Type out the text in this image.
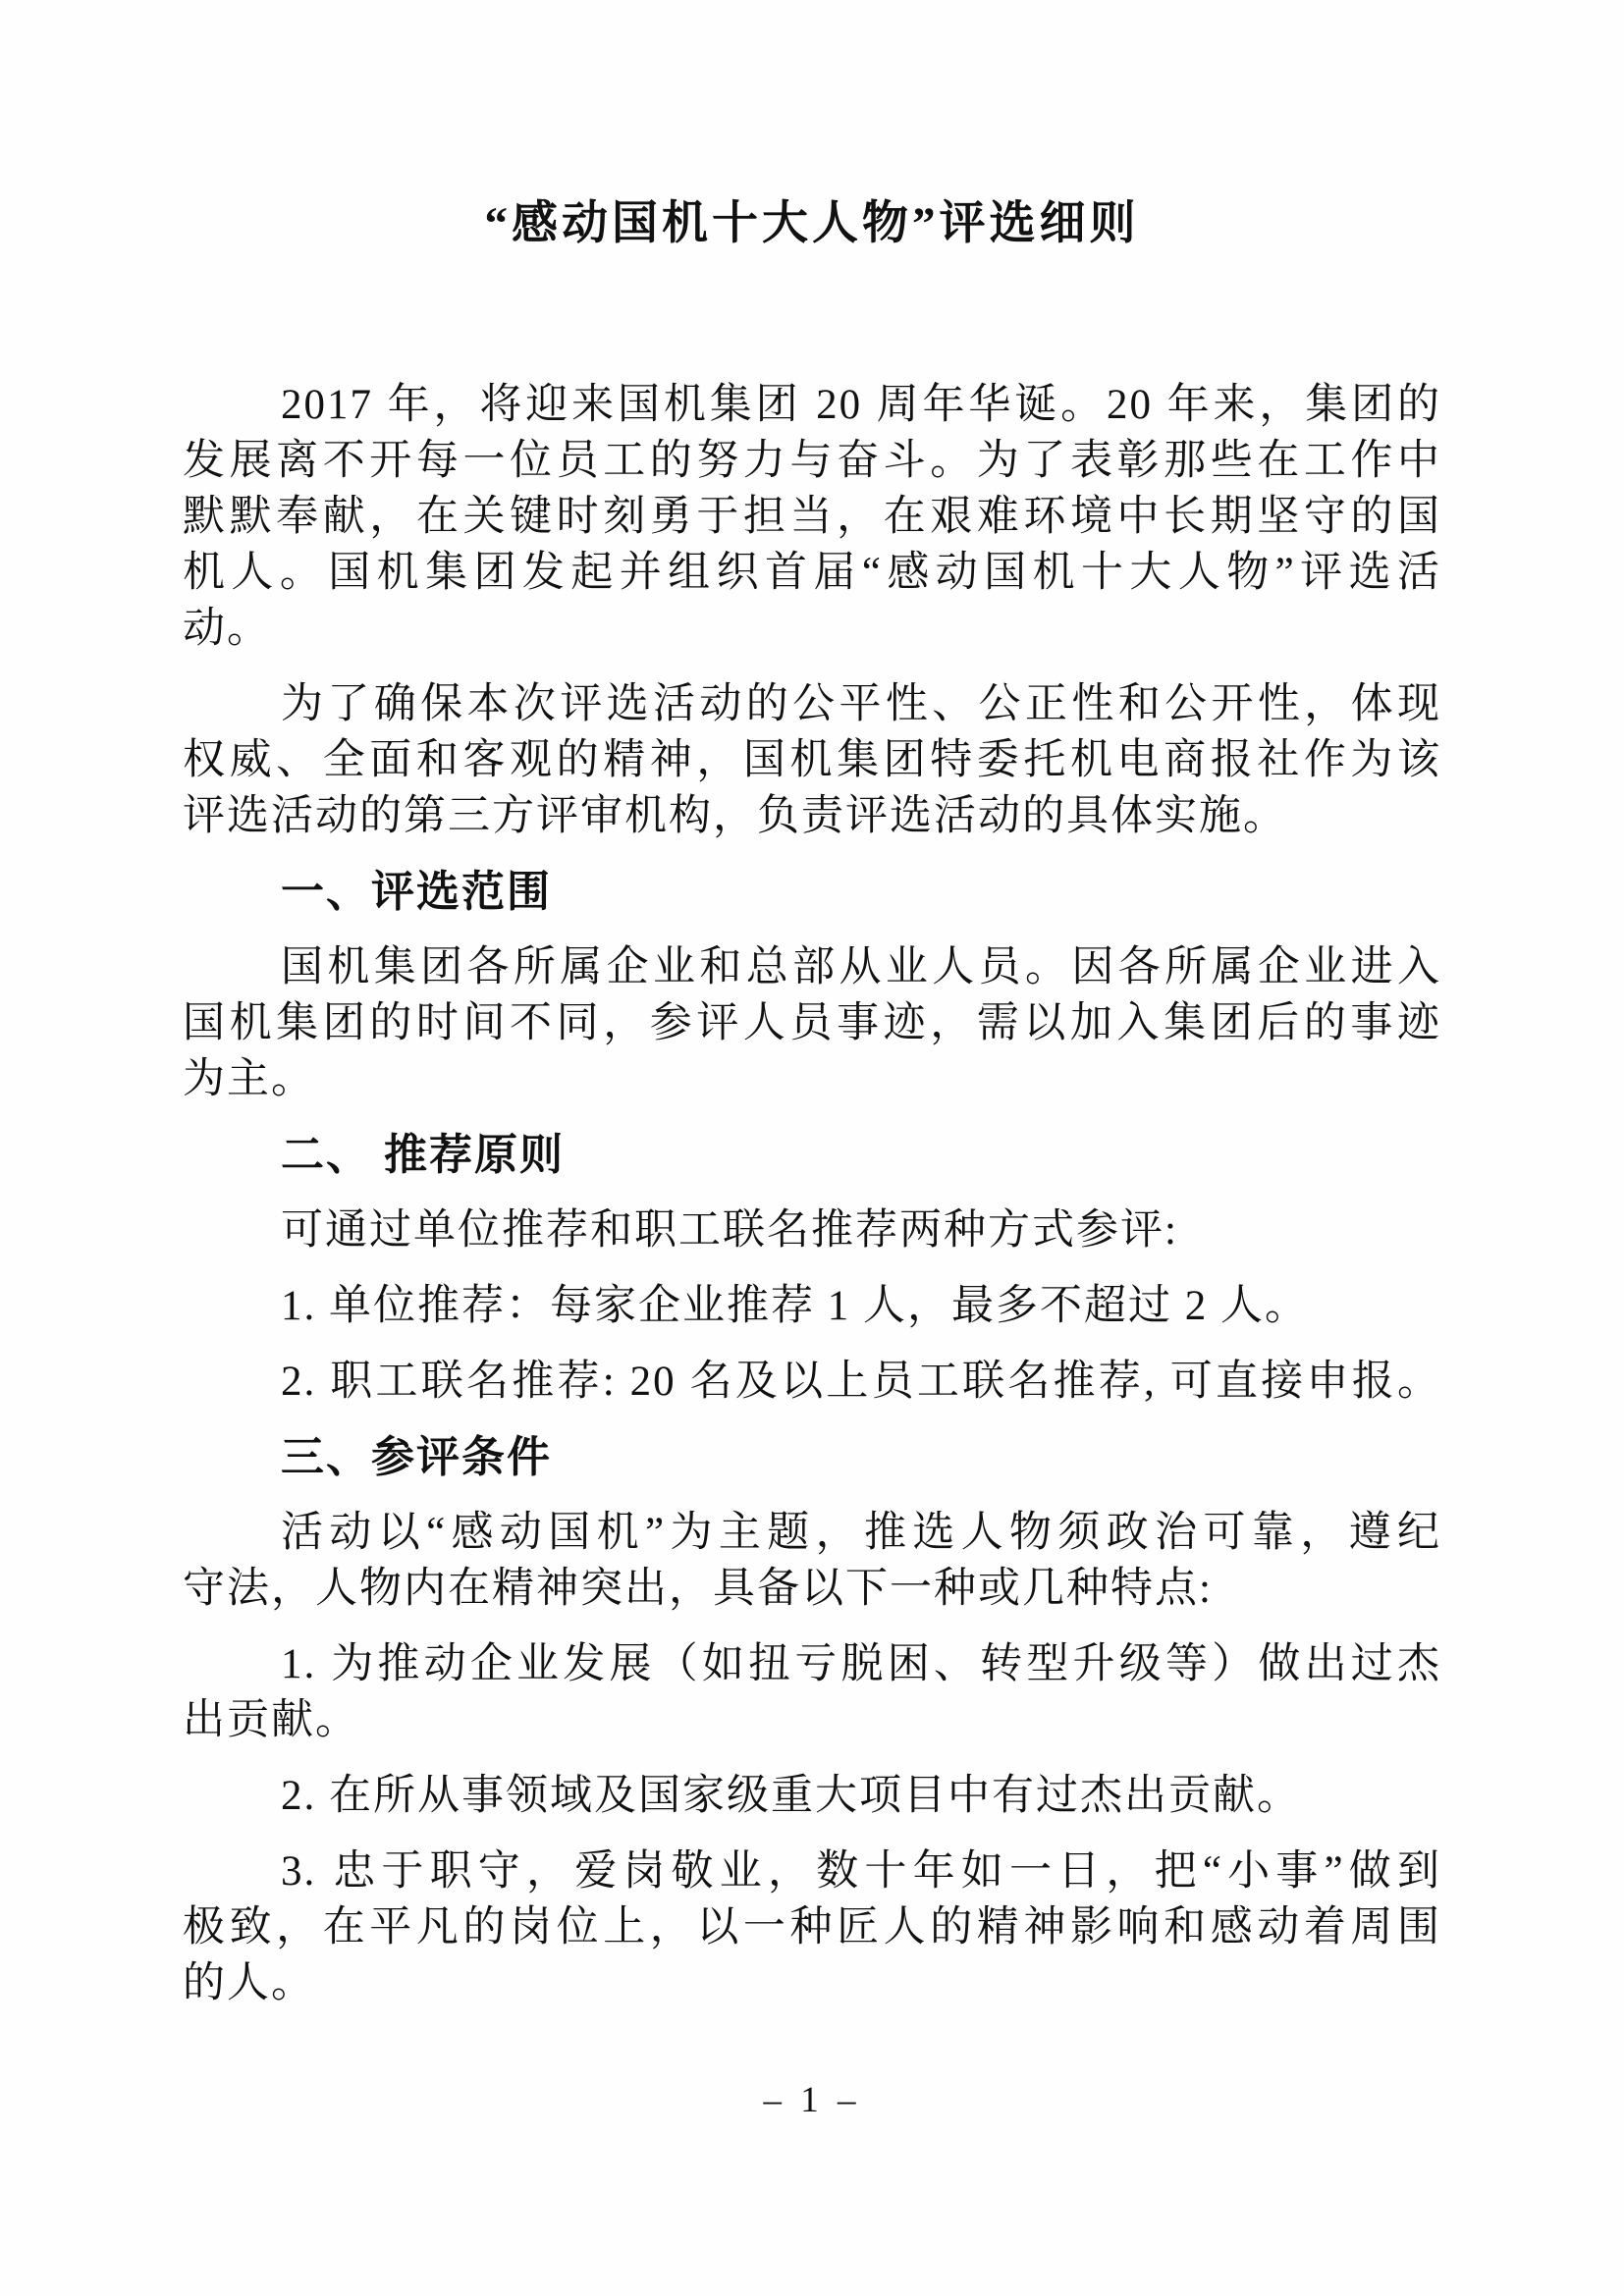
“感动国机十大人物”评选细则
2017 年，将迎来国机集团 20 周年华诞。20 年来，集团的
发展离不开每一位员工的努力与奋斗。为了表彰那些在工作中
默默奉献，在关键时刻勇于担当，在艰难环境中长期坚守的国
机人。国机集团发起并组织首届“感动国机十大人物”评选活
动。
为了确保本次评选活动的公平性、公正性和公开性，体现
权威、全面和客观的精神，国机集团特委托机电商报社作为该
评选活动的第三方评审机构，负责评选活动的具体实施。
一、评选范围
国机集团各所属企业和总部从业人员。因各所属企业进入
国机集团的时间不同，参评人员事迹，需以加入集团后的事迹
为主。
二、 推荐原则
可通过单位推荐和职工联名推荐两种方式参评:
1. 单位推荐：每家企业推荐 1 人，最多不超过 2 人。
2. 职工联名推荐: 20 名及以上员工联名推荐, 可直接申报。
三、参评条件
活动以“感动国机”为主题，推选人物须政治可靠，遵纪
守法，人物内在精神突出，具备以下一种或几种特点:
1. 为推动企业发展（如扭亏脱困、转型升级等）做出过杰
出贡献。
2. 在所从事领域及国家级重大项目中有过杰出贡献。
3. 忠于职守，爱岗敬业，数十年如一日，把“小事”做到
极致，在平凡的岗位上，以一种匠人的精神影响和感动着周围
的人。
– 1 –
